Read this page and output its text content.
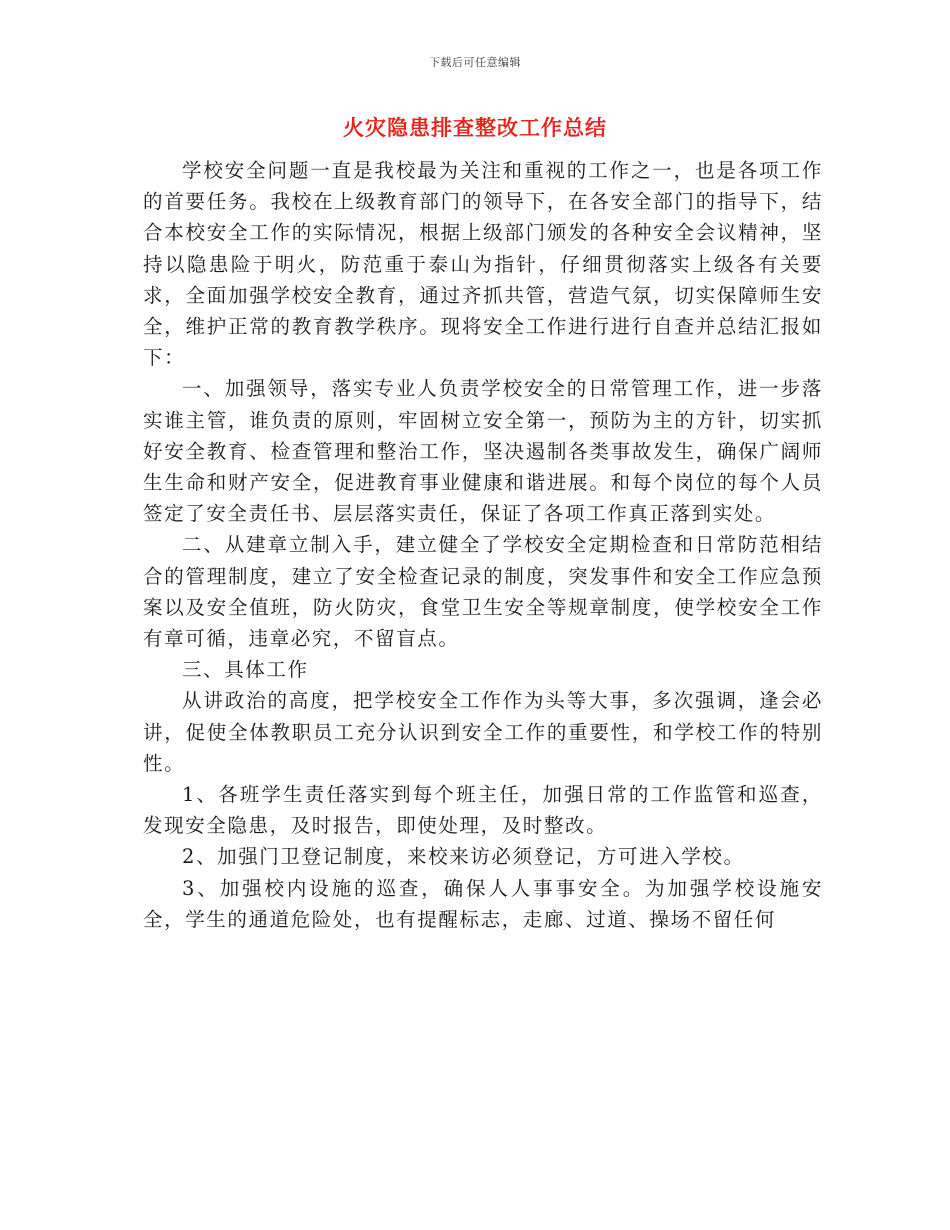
下载后可任意编辑
火灾隐患排查整改工作总结

学校安全问题一直是我校最为关注和重视的工作之一，也是各项工作的首要任务。我校在上级教育部门的领导下，在各安全部门的指导下，结合本校安全工作的实际情况，根据上级部门颁发的各种安全会议精神，坚持以隐患险于明火，防范重于泰山为指针，仔细贯彻落实上级各有关要求，全面加强学校安全教育，通过齐抓共管，营造气氛，切实保障师生安全，维护正常的教育教学秩序。现将安全工作进行进行自查并总结汇报如下：

一、加强领导，落实专业人负责学校安全的日常管理工作，进一步落实谁主管，谁负责的原则，牢固树立安全第一，预防为主的方针，切实抓好安全教育、检查管理和整治工作，坚决遏制各类事故发生，确保广阔师生生命和财产安全，促进教育事业健康和谐进展。和每个岗位的每个人员签定了安全责任书、层层落实责任，保证了各项工作真正落到实处。

二、从建章立制入手，建立健全了学校安全定期检查和日常防范相结合的管理制度，建立了安全检查记录的制度，突发事件和安全工作应急预案以及安全值班，防火防灾，食堂卫生安全等规章制度，使学校安全工作有章可循，违章必究，不留盲点。

三、具体工作

从讲政治的高度，把学校安全工作作为头等大事，多次强调，逢会必讲，促使全体教职员工充分认识到安全工作的重要性，和学校工作的特别性。

1、各班学生责任落实到每个班主任，加强日常的工作监管和巡查，发现安全隐患，及时报告，即使处理，及时整改。

2、加强门卫登记制度，来校来访必须登记，方可进入学校。

3、加强校内设施的巡查，确保人人事事安全。为加强学校设施安全，学生的通道危险处，也有提醒标志，走廊、过道、操场不留任何
